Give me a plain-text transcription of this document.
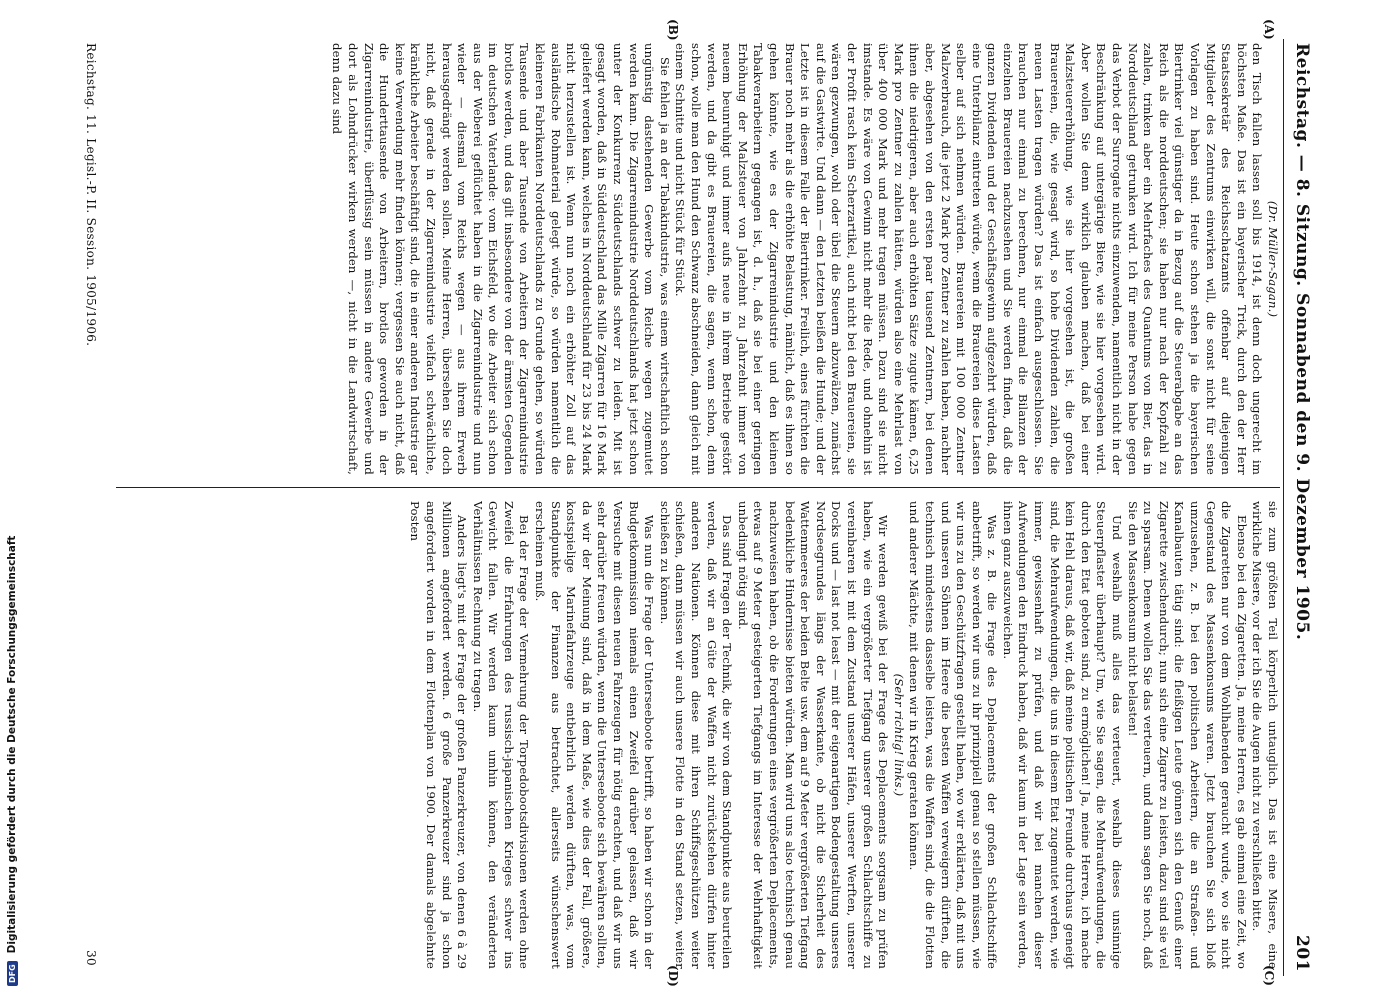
Reichstag. — 8. Sitzung. Sonnabend den 9. Dezember 1905.
201
(A)
(B)
(C)
(D)

(Dr. Müller-Sagan.)

den Tisch fallen lassen soll bis 1914, ist denn doch ungerecht im höchsten Maße. Das ist ein bayerischer Trick, durch den der Herr Staatssekretär des Reichsschatzamts offenbar auf diejenigen Mitglieder des Zentrums einwirken will, die sonst nicht für seine Vorlagen zu haben sind. Heute schon stehen ja die bayerischen Biertrinker viel günstiger da in Bezug auf die Steuerabgabe an das Reich als die norddeutschen; sie haben nur nach der Kopfzahl zu zahlen, trinken aber ein Mehrfaches des Quantums von Bier, das in Norddeutschland getrunken wird. Ich für meine Person habe gegen das Verbot der Surrogate nichts einzuwenden, namentlich nicht in der Beschränkung auf untergärige Biere, wie sie hier vorgesehen wird. Aber wollen Sie denn wirklich glauben machen, daß bei einer Malzsteuererhöhung, wie sie hier vorgesehen ist, die großen Brauereien, die, wie gesagt wird, so hohe Dividenden zahlen, die neuen Lasten tragen würden? Das ist einfach ausgeschlossen. Sie brauchen nur einmal zu berechnen, nur einmal die Bilanzen der einzelnen Brauereien nachzusehen und Sie werden finden, daß die ganzen Dividenden und der Geschäftsgewinn aufgezehrt würden, daß eine Unterbilanz eintreten würde, wenn die Brauereien diese Lasten selber auf sich nehmen würden. Brauereien mit 100 000 Zentner Malzverbrauch, die jetzt 2 Mark pro Zentner zu zahlen haben, nachher aber, abgesehen von den ersten paar tausend Zentnern, bei denen ihnen die niedrigeren, aber auch erhöhten Sätze zugute kämen, 6,25 Mark pro Zentner zu zahlen hätten, würden also eine Mehrlast von über 400 000 Mark und mehr tragen müssen. Dazu sind sie nicht imstande. Es wäre von Gewinn nicht mehr die Rede, und ohnehin ist der Profit rasch kein Scherzartikel, auch nicht bei den Brauereien, sie wären gezwungen, wohl oder übel die Steuern abzuwälzen, zunächst auf die Gastwirte. Und dann — den Letzten beißen die Hunde; und der Letzte ist in diesem Falle der Biertrinker. Freilich, eines fürchten die Brauer noch mehr als die erhöhte Belastung, nämlich, daß es ihnen so gehen könnte, wie es der Zigarrenindustrie und den kleinen Tabakverarbeitern gegangen ist, d. h., daß sie bei einer geringen Erhöhung der Malzsteuer von Jahrzehnt zu Jahrzehnt immer von neuem beunruhigt und immer aufs neue in ihrem Betriebe gestört werden, und da gibt es Brauereien, die sagen, wenn schon, denn schon, wolle man den Hund den Schwanz abschneiden, dann gleich mit einem Schnitte und nicht Stück für Stück.

Sie fehlen ja an der Tabakindustrie, was einem wirtschaftlich schon ungünstig dastehenden Gewerbe vom Reiche wegen zugemutet werden kann. Die Zigarrenindustrie Norddeutschlands hat jetzt schon unter der Konkurrenz Süddeutschlands schwer zu leiden. Mit ist gesagt worden, daß in Süddeutschland das Mille Zigarren für 16 Mark geliefert werden kann, welches in Norddeutschland für 23 bis 24 Mark nicht herzustellen ist. Wenn nun noch ein erhöhter Zoll auf das ausländische Rohmaterial gelegt würde, so würden namentlich die kleineren Fabrikanten Norddeutschlands zu Grunde gehen, so würden Tausende und aber Tausende von Arbeitern der Zigarrenindustrie brotlos werden, und das gilt insbesondere von der ärmsten Gegenden im deutschen Vaterlande: vom Eichsfeld, wo die Arbeiter sich schon aus der Weberei geflüchtet haben in die Zigarrenindustrie und nun wieder — diesmal vom Reichs wegen — aus ihrem Erwerb herausgedrängt werden sollen. Meine Herren, übersehen Sie doch nicht, daß gerade in der Zigarrenindustrie vielfach schwächliche, kränkliche Arbeiter beschäftigt sind, die in einer anderen Industrie gar keine Verwendung mehr finden können; vergessen Sie auch nicht, daß die Hunderttausende von Arbeitern, brotlos geworden in der Zigarrenindustrie, überflüssig sein müssen in andere Gewerbe und dort als Lohndrücker wirken werden —, nicht in die Landwirtschaft, denn dazu sind

sie zum größten Teil körperlich untauglich. Das ist eine Misere, eine wirkliche Misere, vor der ich Sie die Augen nicht zu verschließen bitte.

Ebenso bei den Zigaretten. Ja, meine Herren, es gab einmal eine Zeit, wo die Zigaretten nur von dem Wohlhabenden geraucht wurde, wo sie nicht Gegenstand des Massenkonsums waren. Jetzt brauchen Sie sich bloß umzusehen, z. B. bei den politischen Arbeitern, die an Straßen- und Kanalbauten tätig sind: die fleißigen Leute gönnen sich den Genuß einer Zigarette zwischendurch; nun sich eine Zigarre zu leisten, dazu sind sie viel zu sparsam. Denen wollen Sie das verteuern, und dann sagen Sie noch, daß Sie den Massenkonsum nicht belasten!

Und weshalb muß alles das verteuert, weshalb dieses unsinnige Steuerpflaster überhaupt? Um, wie Sie sagen, die Mehraufwendungen, die durch den Etat geboten sind, zu ermöglichen! Ja, meine Herren, ich mache kein Hehl daraus, daß wir, daß meine politischen Freunde durchaus geneigt sind, die Mehraufwendungen, die uns in diesem Etat zugemutet werden, wie immer, gewissenhaft zu prüfen, und daß wir bei manchen dieser Aufwendungen den Eindruck haben, daß wir kaum in der Lage sein werden, ihnen ganz auszuweichen.

Was z. B. die Frage des Deplacements der großen Schlachtschiffe anbetrifft, so werden wir uns zu ihr prinzipiell genau so stellen müssen, wie wir uns zu den Geschützfragen gestellt haben, wo wir erklärten, daß mit uns und unseren Söhnen im Heere die besten Waffen verweigern dürften, die technisch mindestens dasselbe leisten, was die Waffen sind, die die Flotten und anderer Mächte, mit denen wir in Krieg geraten können.

(Sehr richtig! links.)

Wir werden gewiß bei der Frage des Deplacements sorgsam zu prüfen haben, wie ein vergrößerter Tiefgang unserer großen Schlachtschiffe zu vereinbaren ist mit dem Zustand unserer Häfen, unserer Werften, unserer Docks und — last not least — mit der eigenartigen Bodengestaltung unseres Nordseegrundes längs der Wasserkante, ob nicht die Sicherheit des Wattenmeeres der beiden Belte usw. dem auf 9 Meter vergrößerten Tiefgang bedenkliche Hindernisse bieten würden. Man wird uns also technisch genau nachzuweisen haben, ob die Forderungen eines vergrößerten Deplacements, etwas auf 9 Meter gesteigerten Tiefgangs im Interesse der Wehrhaftigkeit unbedingt nötig sind.

Das sind Fragen der Technik, die wir von dem Standpunkte aus beurteilen werden, daß wir an Güte der Waffen nicht zurückstehen dürfen hinter anderen Nationen. Können diese mit ihren Schiffsgeschützen weiter schießen, dann müssen wir auch unsere Flotte in den Stand setzen, weiter schießen zu können.

Was nun die Frage der Unterseeboote betrifft, so haben wir schon in der Budgetkommission niemals einen Zweifel darüber gelassen, daß wir Versuche mit diesen neuen Fahrzeugen für nötig erachten, und daß wir uns sehr darüber freuen würden, wenn die Unterseeboote sich bewähren sollten, da wir der Meinung sind, daß in dem Maße, wie dies der Fall, größere, kostspielige Marinefahrzeuge entbehrlich werden dürften, was, vom Standpunkte der Finanzen aus betrachtet, allerseits wünschenswert erscheinen muß.

Bei der Frage der Vermehrung der Torpedobootsdivisionen werden ohne Zweifel die Erfahrungen des russisch-japanischen Krieges schwer ins Gewicht fallen. Wir werden kaum umhin können, den veränderten Verhältnissen Rechnung zu tragen.

Anders liegt's mit der Frage der großen Panzerkreuzer, von denen 6 à 29 Millionen angefordert werden. 6 große Panzerkreuzer sind ja schon angefordert worden in dem Flottenplan von 1900. Der damals abgelehnte Posten

Reichstag. 11. Legisl.-P. II. Session. 1905/1906.
30
DFG
Digitalisierung gefördert durch die Deutsche Forschungsgemeinschaft
